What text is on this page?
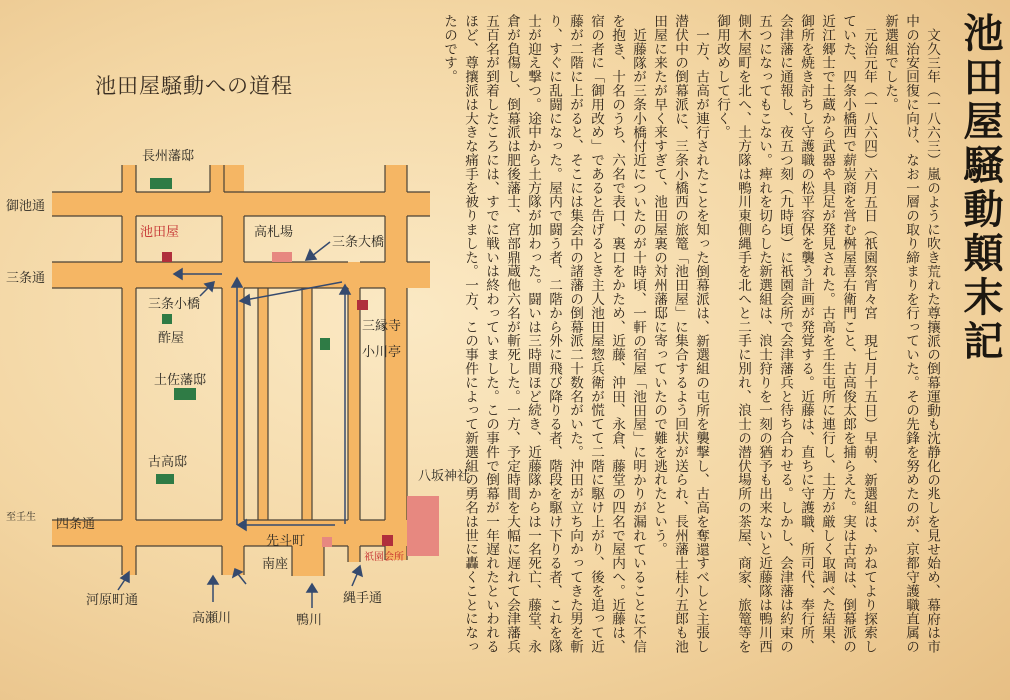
池田屋騒動への道程
長州藩邸
御池通
池田屋	高札場
三条大橋
三条通
三条小橋
酢屋
土佐藩邸
古高邸
三縁寺
小川亭
八坂神社
至壬生 四条通
先斗町
南座	祇園会所
河原町通	縄手通
高瀬川	鴨川
池田屋騒動顛末記

文久三年（一八六三）嵐のように吹き荒れた尊攘派の倒幕運動も沈静化の兆しを見せ始め、幕府は市中の治安回復に向け、なお一層の取り締まりを行っていた。その先鋒を努めたのが、京都守護職直属の新選組でした。

元治元年（一八六四）六月五日（祇園祭宵々宮　現七月十五日）早朝、新選組は、かねてより探索していた、四条小橋西で薪炭商を営む桝屋喜右衛門こと、古高俊太郎を捕らえた。実は古高は、倒幕派の近江郷士で土蔵から武器や具足が発見された。古高を壬生屯所に連行し、土方が厳しく取調べた結果、御所を焼き討ちし守護職の松平容保を襲う計画が発覚する。近藤は、直ちに守護職、所司代、奉行所、会津藩に通報し、夜五つ刻（九時頃）に祇園会所で会津藩兵と待ち合わせる。しかし、会津藩は約束の五つになってもこない。痺れを切らした新選組は、浪士狩りを一刻の猶予も出来ないと近藤隊は鴨川西側木屋町を北へ、土方隊は鴨川東側縄手を北へと二手に別れ、浪士の潜伏場所の茶屋、商家、旅篭等を御用改めして行く。

一方、古高が連行されたことを知った倒幕派は、新選組の屯所を襲撃し、古高を奪還すべしと主張し潜伏中の倒幕派に、三条小橋西の旅篭「池田屋」に集合するよう回状が送られ、長州藩士桂小五郎も池田屋に来たが早く来すぎて、池田屋裏の対州藩邸に寄っていたので難を逃れたという。

近藤隊が三条小橋付近についたのが十時頃、一軒の宿屋「池田屋」に明かりが漏れていることに不信を抱き、十名のうち、六名で表口、裏口をかため、近藤、沖田、永倉、藤堂の四名で屋内へ。近藤は、宿の者に「御用改め」であると告げるとき主人池田屋惣兵衛が慌てて二階に駆け上がり、後を追って近藤が二階に上がると、そこには集会中の諸藩の倒幕派二十数名がいた。沖田が立ち向かってきた男を斬り、すぐに乱闘になった。屋内で闘う者、二階から外に飛び降りる者、階段を駆け下りる者、これを隊士が迎え撃つ。途中から土方隊が加わった。闘いは三時間ほど続き、近藤隊からは一名死亡、藤堂、永倉が負傷し、倒幕派は肥後藩士、宮部鼎蔵他六名が斬死した。一方、予定時間を大幅に遅れて会津藩兵五百名が到着したころには、すでに戦いは終わっていました。この事件で倒幕が一年遅れたといわれるほど、尊攘派は大きな痛手を被りました。一方、この事件によって新選組の勇名は世に轟くことになったのです。
